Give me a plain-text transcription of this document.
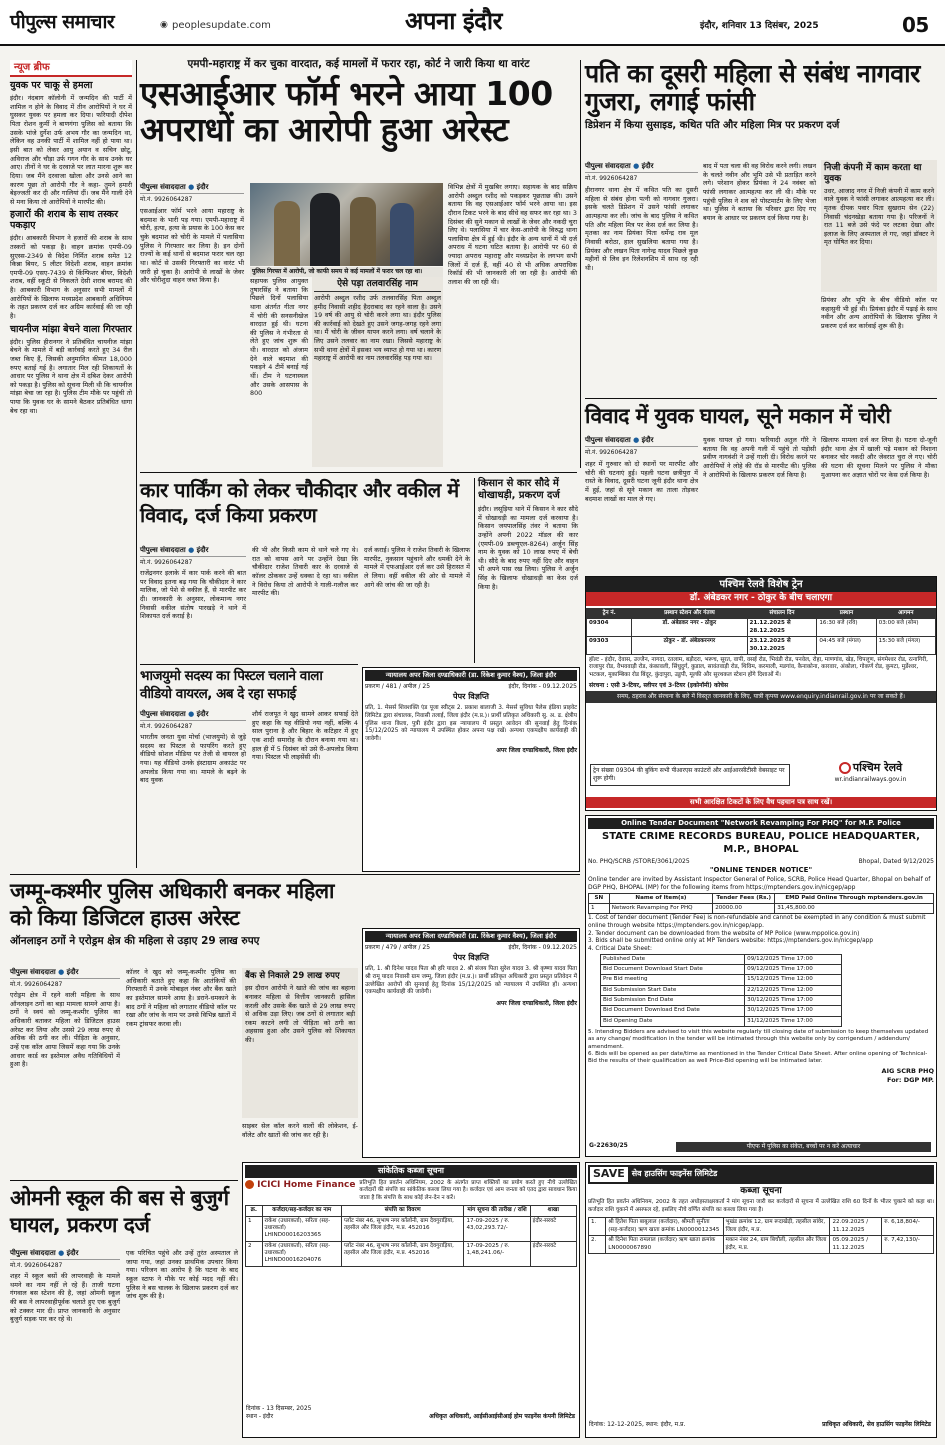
पीपुल्स समाचार	◉ peoplesupdate.com	अपना इंदौर	इंदौर, शनिवार 13 दिसंबर, 2025	05
न्यूज ब्रीफ
युवक पर चाकू से हमला
इंदौर। नंदबाग कॉलोनी में जन्मदिन की पार्टी में शामिल न होने के विवाद में तीन आरोपियों ने घर में घुसकर युवक पर हमला कर दिया। फरियादी दीपेश पिता रोशन कुर्मी ने बाणगंगा पुलिस को बताया कि उसके भांजे दुर्गेश उर्फ अभय गौर का जन्मदिन था, लेकिन वह उनकी पार्टी में शामिल नहीं हो पाया था। इसी बात को लेकर आयु अयान व सचिन छोटू, अविराज और चौड़ा उर्फ गगन गौर के साथ उनके घर आए। तीनों ने घर के दरवाजे पर लात मारना शुरू कर दिया। जब मैंने दरवाजा खोला और उनसे आने का कारण पूछा तो आरोपी गौर ने कहा- तुमने हमारी बेइज्जती कर दी और गालियां दीं। जब मैंने गाली देने से मना किया तो आरोपियों ने मारपीट की।
हजारों की शराब के साथ तस्कर पकड़ाए
इंदौर। आबकारी विभाग ने हजारों की शराब के साथ तस्करों को पकड़ा है। वाहन क्रमांक एमपी-09 सुएस्स-2349 से विदेश निर्मित शराब समेत 12 किन्ना बियर, 5 लीटर विदेशी शराब, वाहन क्रमांक एमपी-09 एसए-7439 से किंग्फिशर बीयर, विदेशी शराब, वहीं स्कूटी से निकलते देसी शराब बरामद की है। आबकारी विभाग के अनुसार सभी मामलों में आरोपियों के खिलाफ मध्यप्रदेश आबकारी अधिनियम के तहत प्रकरण दर्ज कर अग्रिम कार्रवाई की जा रही है।
चायनीज मांझा बेचने वाला गिरफ्तार
इंदौर। पुलिस हीरानगर ने प्रतिबंधित चायनीज मांझा बेचने के मामले में बड़ी कार्रवाई करते हुए 34 रील जब्त किए हैं, जिसकी अनुमानित कीमत 18,000 रुपए बताई गई है। लगातार मिल रही शिकायतों के आधार पर पुलिस ने थाना क्षेत्र में दबिश देकर आरोपी को पकड़ा है। पुलिस को सूचना मिली थी कि चायनीज मांझा बेचा जा रहा है। पुलिस टीम मौके पर पहुंची तो पाया कि युवक घर के सामने बैठकर प्रतिबंधित धागा बेच रहा था।
एमपी-महाराष्ट्र में कर चुका वारदात, कई मामलों में फरार रहा, कोर्ट ने जारी किया था वारंट
एसआईआर फॉर्म भरने आया 100 अपराधों का आरोपी हुआ अरेस्ट
पीपुल्स संवाददाता ● इंदौर
मो.नं. 9926064287
एसआईआर फॉर्म भरने आया महाराष्ट्र के बदमाश के भारी पड़ गया। एमपी-महाराष्ट्र में चोरी, हत्या, हत्या के प्रयास के 100 केस कर चुके बदमाश को चोरी के मामले में पलासिया पुलिस ने गिरफ्तार कर लिया है। इन दोनों राज्यों के कई थानों से बदमाश फरार चल रहा था। कोर्ट से उसकी गिरफ्तारी का वारंट भी जारी हो चुका है। आरोपी से लाखों के जेवर और चोरीशुदा वाहन जब्त किया है।
पुलिस गिरफ्त में आरोपी, जो काफी समय से कई मामलों में फरार चल रहा था।
सहायक पुलिस आयुक्त तुषारसिंह ने बताया कि पिछले दिनों पलासिया थाना अंतर्गत गीता नगर में चोरी की सनसनीखेज वारदात हुई थी। घटना की पुलिस ने गंभीरता से लेते हुए जांच शुरू की थी। वारदात को अंजाम देने वाले बदमाश की पकड़ने 4 टीमें बनाई गई थीं। टीम ने घटनास्थल और उसके आसपास के 800
ऐसे पड़ा तलवारसिंह नाम
आरोपी अब्दुल रशीद उर्फ तलवारसिंह पिता अब्दुल हमीद निवासी शहीद हैदराबाद का रहने वाला है। उसने 19 वर्ष की आयु से चोरी करने लगा था। इंदौर पुलिस की कार्रवाई को देखते हुए उसने जगह-जगह रहने लगा था। मैं चोरी के जीवन यापन करने लगा। वर्ष चलाने के लिए उसने तलवार का नाम रखा। जिससे महाराष्ट्र के सभी थाना क्षेत्रों में इसका भय व्याप्त हो गया था। कारण महाराष्ट्र में आरोपी का नाम तलवारसिंह पड़ गया था।
विभिन्न क्षेत्रों में मुखबिर लगाए। सहायक के बाद सक्रिय आरोपी अब्दुल रशीद को पकड़कर पूछताछ की। उसने बताया कि वह एसआईआर फॉर्म भरने आया था। इस दौरान टिकट भरने के बाद सीधे वह सफर कर रहा था। 3 दिसंबर की सुने मकान से लाखों के जेवर और नकदी चुरा लिए थे। पलासिया में चार केस-आरोपी के विरुद्ध थाना पलासिया क्षेत्र में हुई थी। इंदौर के अन्य थानों में भी दर्ज अपराध में घटना घटित बताया है। आरोपी पर 60 से ज्यादा अपराध महाराष्ट्र और मध्यप्रदेश के लगभग सभी जिलों में दर्ज हैं, वहीं 40 से भी अधिक अपराधिक रिकॉर्ड की भी जानकारी ली जा रही है। आरोपी की तलाश की जा रही थी।
पति का दूसरी महिला से संबंध नागवार गुजरा, लगाई फांसी
डिप्रेशन में किया सुसाइड, कथित पति और महिला मित्र पर प्रकरण दर्ज
पीपुल्स संवाददाता ● इंदौर
मो.नं. 9926064287
हीरानगर थाना क्षेत्र में कथित पति का दूसरी महिला से संबंध होना पत्नी को नागवार गुजरा। इसके चलते डिप्रेशन में उसने फांसी लगाकर आत्महत्या कर ली। जांच के बाद पुलिस ने कथित पति और महिला मित्र पर केस दर्ज कर लिया है। मृतका का नाम प्रियंका पिता धर्मेन्द्र राव मूल निवासी बरोठा, हाल सुखलिया बताया गया है। प्रियंका और लखन पिता नागेन्द्र यादव पिछले कुछ महीनों से लिव इन रिलेशनशिप में साथ रह रही थी।
बाद में पता चला की वह विरोध करने लगी। लखन के चलते नवीन और भूमि उसे भी प्रताड़ित करने लगे। परेशान होकर प्रियंका ने 24 नवंबर को फांसी लगाकर आत्महत्या कर ली थी। मौके पर पहुंची पुलिस ने शव को पोस्टमार्टम के लिए भेजा था। पुलिस ने बताया कि परिवार द्वारा दिए गए बयान के आधार पर प्रकरण दर्ज किया गया है।
निजी कंपनी में काम करता था युवक
उधर, आजाद नगर में निजी कंपनी में काम करने वाले युवक ने फांसी लगाकर आत्महत्या कर ली। मृतक दीपक पवार पिता सुखराम सेन (22) निवासी चंदनखेड़ा बताया गया है। परिजनों ने रात 11 बजे उसे फंदे पर लटका देखा और इलाज के लिए अस्पताल ले गए, जहां डॉक्टर ने मृत घोषित कर दिया।
प्रियंका और भूमि के बीच वीडियो कॉल पर कहासुनी भी हुई थी। प्रियंका इंदौर में पढ़ाई के साथ नवीन और अन्य आरोपियों के खिलाफ पुलिस ने प्रकरण दर्ज कर कार्रवाई शुरू की है।
विवाद में युवक घायल, सूने मकान में चोरी
पीपुल्स संवाददाता ● इंदौर
मो.नं. 9926064287
शहर में गुरुवार को दो स्थानों पर मारपीट और चोरी की घटनाएं हुई। पहली घटना छत्रीपुरा में रास्ते के विवाद, दूसरी घटना जूनी इंदौर थाना क्षेत्र में हुई, जहां से सूने मकान का ताला तोड़कर बदमाश लाखों का माल ले गए।
युवक घायल हो गया। फरियादी अतुल गौरे ने बताया कि वह अपनी गली में पहुंचे तो पड़ोसी प्रवीण नागवंशी ने उन्हें गाली दी। विरोध करने पर आरोपियों ने लोहे की रॉड से मारपीट की। पुलिस ने आरोपियों के खिलाफ प्रकरण दर्ज किया है।
खिलाफ मामला दर्ज कर लिया है। घटना दो-जूनी इंदौर थाना क्षेत्र में खाली पड़े मकान को निशाना बनाकर चोर नकदी और जेवरात चुरा ले गए। चोरी की घटना की सूचना मिलने पर पुलिस ने मौका मुआयना कर अज्ञात चोरों पर केस दर्ज किया है।
पश्चिम रेलवे विशेष ट्रेन
डॉ. अंबेडकर नगर - ठोकुर के बीच चलाएगा
ट्रेन नं.	प्रस्थान स्टेशन और गंतव्य	संचालन दिन	प्रस्थान	आगमन
09304	डॉ. अंबेडकर नगर - ठोकुर	21.12.2025 से 28.12.2025	16:30 बजे (रवि)	03:00 बजे (सोम)
09303	ठोकुर - डॉ. अंबेडकरनगर	23.12.2025 से 30.12.2025	04:45 बजे (मंगल)	15:30 बजे (मंगल)
हॉल्ट - इंदौर, देवास, उज्जैन, नागदा, रतलाम, बड़ौदरा, भरूच, सूरत, वापी, वसई रोड, भिवंडी रोड, पनवेल, रोहा, माणगांव, खेड़, चिपलूण, संगमेश्वर रोड, रत्नागिरी, राजापुर रोड, वैभववाड़ी रोड, कंकावली, सिंधुदुर्ग, कुडाल, सावंतवाड़ी रोड, थिविम, करमाली, मडगांव, कैनाकोना, कारवार, अंकोला, गोकर्ण रोड, कुमटा, मुर्डेश्वर, भटकल, मूकाम्बिका रोड बिंदूर, कुंदापुरा, उडुपी, मूल्की और सुरथकल स्टेशन होंगे दिशाओं में।
संरचना : एसी 3-टियर, स्लीपर एवं 3-टियर (इकोनॉमी) कोचेस
समय, ठहराव और संरचना के बारे में विस्तृत जानकारी के लिए, यात्री कृपया www.enquiry.indianrail.gov.in पर जा सकते हैं।
ट्रेन संख्या 09304 की बुकिंग सभी पीआरएस काउंटरों और आईआरसीटीसी वेबसाइट पर शुरू होगी।
पश्चिम रेलवे
wr.indianrailways.gov.in
सभी आरक्षित टिकटों के लिए वैध पहचान पत्र साथ रखें।
Online Tender Document "Network Revamping For PHQ" for M.P. Police
STATE CRIME RECORDS BUREAU, POLICE HEADQUARTER, M.P., BHOPAL
No. PHQ/SCRB /STORE/3061/2025	Bhopal, Dated 9/12/2025
"ONLINE TENDER NOTICE"
Online tender are invited by Assistant Inspector General of Police, SCRB, Police Head Quarter, Bhopal on behalf of DGP PHQ, BHOPAL (MP) for the following items from https://mptenders.gov.in/nicgep/app
SN	Name of Item(s)	Tender Fees (Rs.)	EMD Paid Online Through mptenders.gov.in
1	Network Revamping For PHQ	20000.00	31,45,800.00
1. Cost of tender document (Tender Fee) is non-refundable and cannot be exempted in any condition & must submit online through website https://mptenders.gov.in/nicgep/app.
2. Tender document can be downloaded from the website of MP Police (www.mppolice.gov.in)
3. Bids shall be submitted online only at MP Tenders website: https://mptenders.gov.in/nicgep/app
4. Critical Date Sheet:
Published Date	09/12/2025 Time 17:00
Bid Document Download Start Date	09/12/2025 Time 17:00
Pre Bid meeting	15/12/2025 Time 12:00
Bid Submission Start Date	22/12/2025 Time 12:00
Bid Submission End Date	30/12/2025 Time 17:00
Bid Document Download End Date	30/12/2025 Time 17:00
Bid Opening Date	31/12/2025 Time 17:00
5. Intending Bidders are advised to visit this website regularly till closing date of submission to keep themselves updated as any change/ modification in the tender will be intimated through this website only by corrigendum / addendum/ amendment.
6. Bids will be opened as per date/time as mentioned in the Tender Critical Date Sheet. After online opening of Technical-Bid the results of their qualification as well Price-Bid opening will be intimated later.
AIG SCRB PHQ
For: DGP MP.
G-22630/25	पीएफ में पुलिस का संकेत, बच्चों पर न करें अत्याचार
कार पार्किंग को लेकर चौकीदार और वकील में विवाद, दर्ज किया प्रकरण
पीपुल्स संवाददाता ● इंदौर
मो.नं. 9926064287
राजेंद्रनगर इलाके में कार पार्क करने की बात पर विवाद इतना बढ़ गया कि चौकीदार ने कार मालिक, जो पेशे से वकील हैं, से मारपीट कर दी। जानकारी के अनुसार, लोकमान्य नगर निवासी वकील संतोष पारखड़े ने थाने में शिकायत दर्ज कराई है।
की भी और किसी काम से थाने चले गए थे। रात को वापस आने पर उन्होंने देखा कि चौकीदार राजेश तिवारी कार के दरवाजे से कॉलर ठोककर उन्हें धक्का दे रहा था। वकील ने विरोध किया तो आरोपी ने गाली-गलौज कर मारपीट की।
दर्ज कराई। पुलिस ने राजेश तिवारी के खिलाफ मारपीट, नुकसान पहुंचाने और धमकी देने के मामले में एफआईआर दर्ज कर उसे हिरासत में ले लिया। वहीं वकील की ओर से मामले में आगे की जांच की जा रही है।
किसान से कार सौदे में धोखाधड़ी, प्रकरण दर्ज
इंदौर। लसूड़िया थाने में किसान ने कार सौदे में धोखाधड़ी का मामला दर्ज करवाया है। किसान जयपालसिंह तंवर ने बताया कि उन्होंने अपनी 2022 मॉडल की कार (एमपी-09 डब्ल्यूएल-8264) अर्जुन सिंह नाम के युवक को 10 लाख रुपए में बेची थी। सौदे के बाद रुपए नहीं दिए और वाहन भी अपने पास रख लिया। पुलिस ने अर्जुन सिंह के खिलाफ धोखाधड़ी का केस दर्ज किया है।
भाजयुमो सदस्य का पिस्टल चलाने वाला वीडियो वायरल, अब दे रहा सफाई
पीपुल्स संवाददाता ● इंदौर
मो.नं. 9926064287
भारतीय जनता युवा मोर्चा (भाजयुमो) से जुड़े सदस्य का पिस्टल से फायरिंग करते हुए वीडियो सोशल मीडिया पर तेजी से वायरल हो गया। यह वीडियो उनके इंस्टाग्राम अकाउंट पर अपलोड किया गया था। मामले के बढ़ने के बाद युवक
शौर्य राजपूत ने खुद सामने आकर सफाई देते हुए कहा कि यह वीडियो नया नहीं, बल्कि 4 साल पुराना है और बिहार के कटिहार में हुए एक शादी समारोह के दौरान बनाया गया था। हाल ही में 5 दिसंबर को उसे री-अपलोड किया गया। पिस्टल भी लाइसेंसी थी।
न्यायालय अपर जिला दण्डाधिकारी (डा. रिंकेश कुमार वैश्य), जिला इंदौर
प्रकरण / 481 / अपील / 25	इंदौर, दिनांक - 09.12.2025
पेपर विज्ञप्ति
प्रति, 1. मेसर्स शिवशक्ति एंड पूजा स्वीट्स 2. प्रकाश बालाजी 3. मेसर्स सुविधा पैलेस इंडिया प्राइवेट लिमिटेड द्वारा संचालक, निवासी तलाई, जिला इंदौर (म.प्र.)। प्रार्थी प्रतिकृत अधिकारी सु. अ. ढ. क्षेत्रीय पुलिस थाना किला, पुत्री इंदौर द्वारा इस न्यायालय में प्रस्तुत आवेदन की सुनवाई हेतु दिनांक 15/12/2025 को न्यायालय में उपस्थित होकर अपना पक्ष रखें। अन्यथा एकपक्षीय कार्यवाही की जावेगी।
अपर जिला दण्डाधिकारी, जिला इंदौर
जम्मू-कश्मीर पुलिस अधिकारी बनकर महिला को किया डिजिटल हाउस अरेस्ट
ऑनलाइन ठगों ने एरोड्रम क्षेत्र की महिला से उड़ाए 29 लाख रुपए
पीपुल्स संवाददाता ● इंदौर
मो.नं. 9926064287
एरोड्रम क्षेत्र में रहने वाली महिला के साथ ऑनलाइन ठगों का बड़ा मामला सामने आया है। ठगों ने स्वयं को जम्मू-कश्मीर पुलिस का अधिकारी बताकर महिला को डिजिटल हाउस अरेस्ट कर लिया और उससे 29 लाख रुपए से अधिक की ठगी कर ली। पीड़िता के अनुसार, उन्हें एक कॉल आया जिसमें कहा गया कि उनके आधार कार्ड का इस्तेमाल अवैध गतिविधियों में हुआ है।
कॉलर ने खुद को जम्मू-कश्मीर पुलिस का अधिकारी बताते हुए कहा कि आतंकियों की गिरफ्तारी में उनके मोबाइल नंबर और बैंक खाते का इस्तेमाल सामने आया है। डराने-धमकाने के बाद ठगों ने महिला को लगातार वीडियो कॉल पर रखा और जांच के नाम पर उनसे विभिन्न खातों में रकम ट्रांसफर करवा ली।
बैंक से निकाले 29 लाख रुपए
इस दौरान आरोपी ने खाते की जांच का बहाना बनाकर महिला से वित्तीय जानकारी हासिल करली और उसके बैंक खाते से 29 लाख रुपए से अधिक उड़ा लिए। जब ठगों से लगातार बड़ी रकम काटने लगी तो पीड़िता को ठगी का अहसास हुआ और उसने पुलिस को शिकायत की।
साइबर सेल कॉल करने वालों की लोकेशन, ई-वॉलेट और खातों की जांच कर रही है।
न्यायालय अपर जिला दण्डाधिकारी (डा. रिंकेश कुमार वैश्य), जिला इंदौर
प्रकरण / 479 / अपील / 25	इंदौर, दिनांक - 09.12.2025
पेपर विज्ञप्ति
प्रति, 1. श्री दिनेश यादव पिता श्री हरि यादव 2. श्री संजय पिता सुरेश यादव 3. श्री कृष्णा यादव पिता श्री रामू यादव निवासी ग्राम जम्मू, जिला इंदौर (म.प्र.)। प्रार्थी प्रतिकृत अधिकारी द्वारा प्रस्तुत प्रतिवेदन में उल्लेखित आरोपों की सुनवाई हेतु दिनांक 15/12/2025 को न्यायालय में उपस्थित हों। अन्यथा एकपक्षीय कार्यवाही की जावेगी।
अपर जिला दण्डाधिकारी, जिला इंदौर
ओमनी स्कूल की बस से बुजुर्ग घायल, प्रकरण दर्ज
पीपुल्स संवाददाता ● इंदौर
मो.नं. 9926064287
शहर में स्कूल बसों की लापरवाही के मामले थमने का नाम नहीं ले रहे हैं। ताजी घटना गंगवाल बस स्टेशन की है, जहां ओमनी स्कूल की बस ने लापरवाहीपूर्वक चलाते हुए एक बुजुर्ग को टक्कर मार दी। प्राप्त जानकारी के अनुसार बुजुर्ग सड़क पार कर रहे थे।
एक परिचित पहुंचे और उन्हें तुरंत अस्पताल ले जाया गया, जहां उनका प्राथमिक उपचार किया गया। परिजन का आरोप है कि घटना के बाद स्कूल स्टाफ ने मौके पर कोई मदद नहीं की। पुलिस ने बस चालक के खिलाफ प्रकरण दर्ज कर जांच शुरू की है।
सांकेतिक कब्जा सूचना
ICICI Home Finance प्रतिभूति हित प्रवर्तन अधिनियम, 2002 के अंतर्गत प्राप्त शक्तियों का प्रयोग करते हुए नीचे उल्लेखित कर्जदारों की संपत्ति का सांकेतिक कब्जा लिया गया है। कर्जदार एवं आम जनता को एतद द्वारा सावधान किया जाता है कि संपत्ति के साथ कोई लेन-देन न करें।
क्र.	कर्जदार/सह-कर्जदार का नाम	संपत्ति का विवरण	मांग सूचना की तारीख / राशि	शाखा
1	राकेश (उधारकर्ता), सरिता (सह-उधारकर्ता) LHIND00016203365	प्लॉट नंबर 46, सुभाष नगर कॉलोनी, ग्राम देवगुराड़िया, तहसील और जिला इंदौर, म.प्र. 452016	17-09-2025 / रु. 43,02,293.72/-	इंदौर-सरवटे
2	राकेश (उधारकर्ता), सरिता (सह-उधारकर्ता) LHIND00016204076	प्लॉट नंबर 46, सुभाष नगर कॉलोनी, ग्राम देवगुराड़िया, तहसील और जिला इंदौर, म.प्र. 452016	17-09-2025 / रु. 1,48,241.06/-	इंदौर-सरवटे
दिनांक - 13 दिसम्बर, 2025
स्थान - इंदौर	अधिकृत अधिकारी, आईसीआईसीआई होम फाइनेंस कंपनी लिमिटेड
SAVE सेव हाउसिंग फाइनेंस लिमिटेड
कब्जा सूचना
प्रतिभूति हित प्रवर्तन अधिनियम, 2002 के तहत अधोहस्ताक्षरकर्ता ने मांग सूचना जारी कर कर्जदारों से सूचना में उल्लेखित राशि 60 दिनों के भीतर चुकाने को कहा था। कर्जदार राशि चुकाने में असफल रहे, इसलिए नीचे वर्णित संपत्ति का कब्जा लिया गया है।
1.	श्री हितेश पिता बाबूलाल (कर्जदार), श्रीमती सुनीता (सह-कर्जदार) ऋण खाता क्रमांक LN0000012345	भूखंड क्रमांक 12, ग्राम रूदाखेड़ी, तहसील सांवेर, जिला इंदौर, म.प्र.	22.09.2025 / 11.12.2025	रु. 6,18,804/-
2.	श्री दिनेश पिता रामलाल (कर्जदार) ऋण खाता क्रमांक LN0000067890	मकान नंबर 24, ग्राम बिचौली, तहसील और जिला इंदौर, म.प्र.	05.09.2025 / 11.12.2025	रु. 7,42,130/-
दिनांक: 12-12-2025, स्थान: इंदौर, म.प्र.	प्राधिकृत अधिकारी, सेव हाउसिंग फाइनेंस लिमिटेड
